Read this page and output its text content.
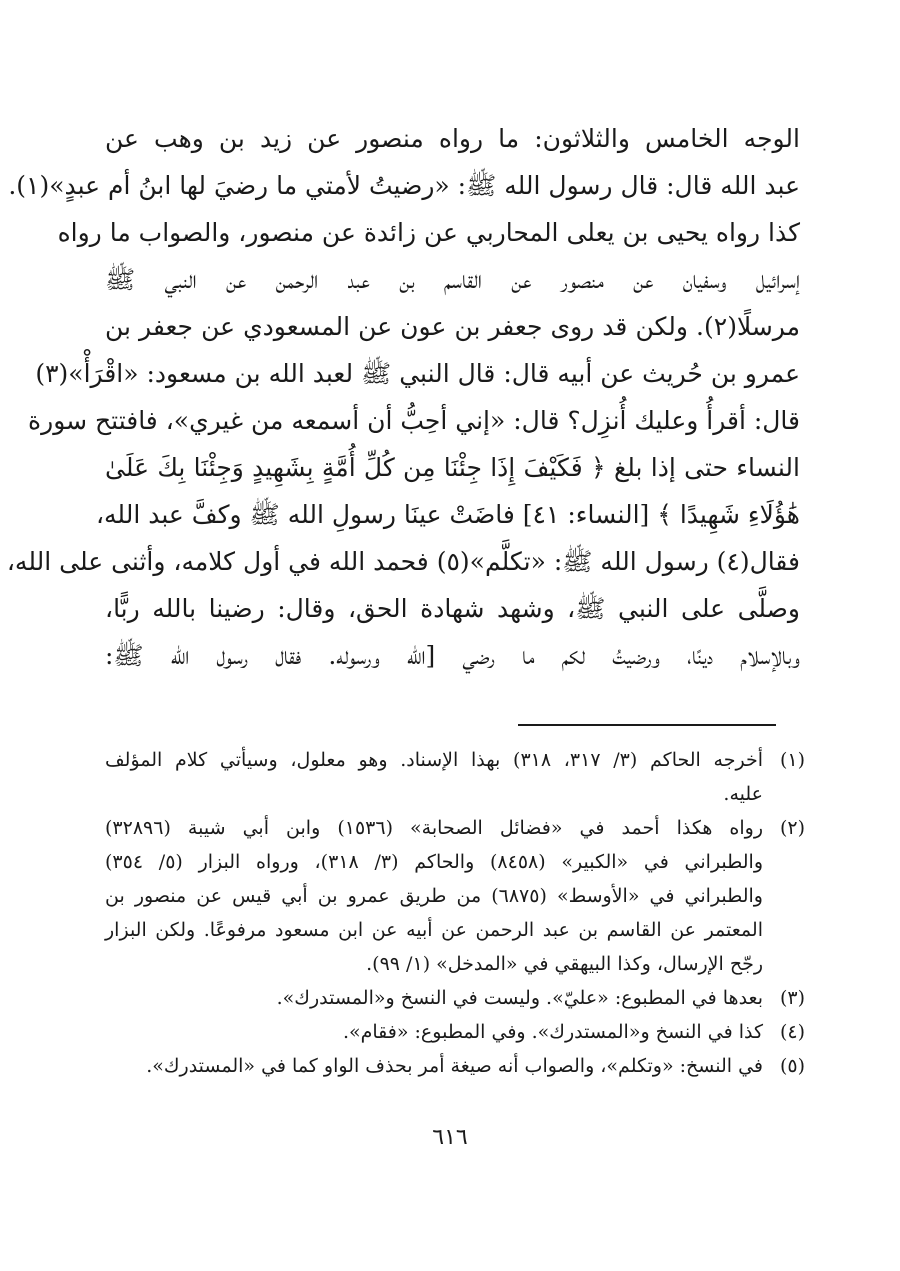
الوجه الخامس والثلاثون: ما رواه منصور عن زيد بن وهب عن
عبد الله قال: قال رسول الله ﷺ: «رضيتُ لأمتي ما رضيَ لها ابنُ أم عبدٍ»(١).
كذا رواه يحيى بن يعلى المحاربي عن زائدة عن منصور، والصواب ما رواه
إسرائيل وسفيان عن منصور عن القاسم بن عبد الرحمن عن النبي ﷺ
مرسلًا(٢). ولكن قد روى جعفر بن عون عن المسعودي عن جعفر بن
عمرو بن حُريث عن أبيه قال: قال النبي ﷺ لعبد الله بن مسعود: «اقْرَأْ»(٣)
قال: أقرأُ وعليك أُنزِل؟ قال: «إني أحِبُّ أن أسمعه من غيري»، فافتتح سورة
النساء حتى إذا بلغ ﴿ فَكَيْفَ إِذَا جِئْنَا مِن كُلِّ أُمَّةٍ بِشَهِيدٍ وَجِئْنَا بِكَ عَلَىٰ
هَٰؤُلَاءِ شَهِيدًا ﴾ [النساء: ٤١] فاضَتْ عينَا رسولِ الله ﷺ وكفَّ عبد الله،
فقال(٤) رسول الله ﷺ: «تكلَّم»(٥) فحمد الله في أول كلامه، وأثنى على الله،
وصلَّى على النبي ﷺ، وشهد شهادة الحق، وقال: رضينا بالله ربًّا،
وبالإسلام دينًا، ورضيتُ لكم ما رضي [الله ورسوله. فقال رسول الله ﷺ:
(١)
أخرجه الحاكم (٣/ ٣١٧، ٣١٨) بهذا الإسناد. وهو معلول، وسيأتي كلام المؤلف
عليه.
(٢)
رواه هكذا أحمد في «فضائل الصحابة» (١٥٣٦) وابن أبي شيبة (٣٢٨٩٦)
والطبراني في «الكبير» (٨٤٥٨) والحاكم (٣/ ٣١٨)، ورواه البزار (٥/ ٣٥٤)
والطبراني في «الأوسط» (٦٨٧٥) من طريق عمرو بن أبي قيس عن منصور بن
المعتمر عن القاسم بن عبد الرحمن عن أبيه عن ابن مسعود مرفوعًا. ولكن البزار
رجّح الإرسال، وكذا البيهقي في «المدخل» (١/ ٩٩).
(٣)
بعدها في المطبوع: «عليّ». وليست في النسخ و«المستدرك».
(٤)
كذا في النسخ و«المستدرك». وفي المطبوع: «فقام».
(٥)
في النسخ: «وتكلم»، والصواب أنه صيغة أمر بحذف الواو كما في «المستدرك».
٦١٦
